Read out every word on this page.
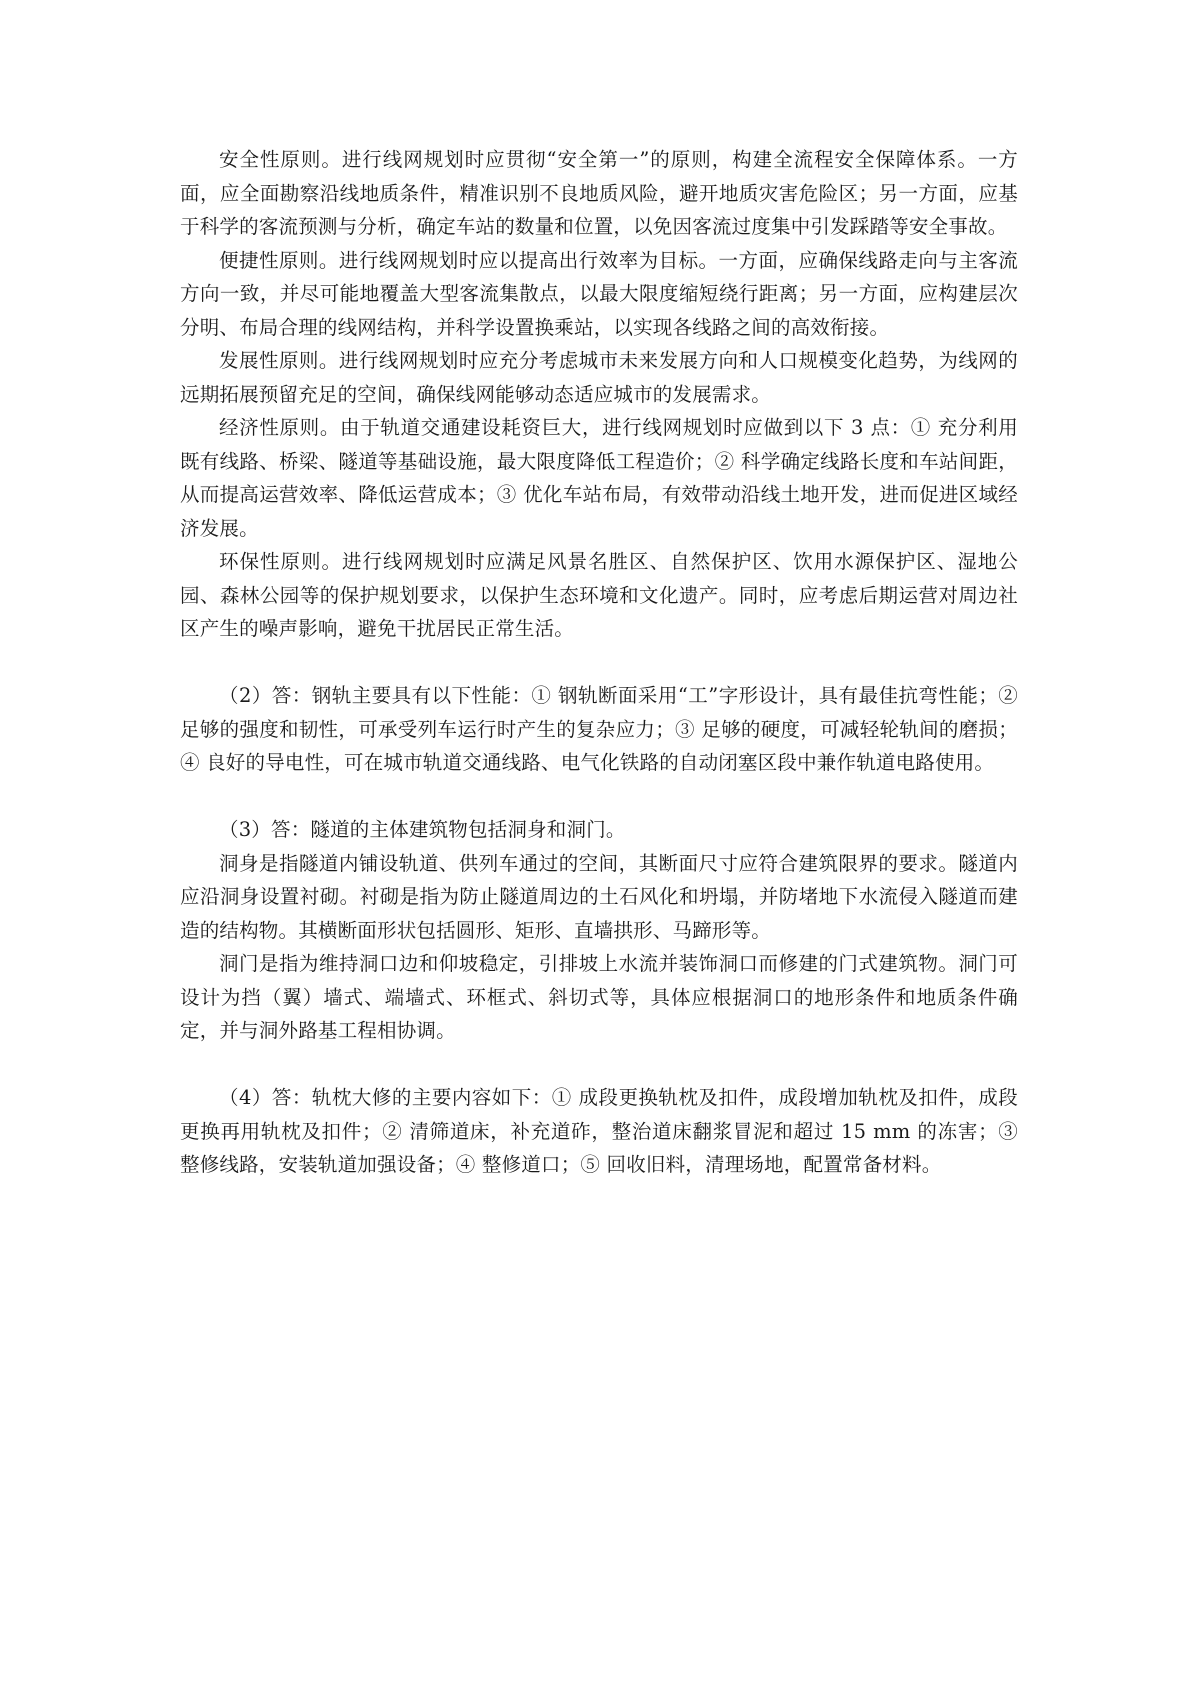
安全性原则。进行线网规划时应贯彻“安全第一”的原则，构建全流程安全保障体系。一方面，应全面勘察沿线地质条件，精准识别不良地质风险，避开地质灾害危险区；另一方面，应基于科学的客流预测与分析，确定车站的数量和位置，以免因客流过度集中引发踩踏等安全事故。

便捷性原则。进行线网规划时应以提高出行效率为目标。一方面，应确保线路走向与主客流方向一致，并尽可能地覆盖大型客流集散点，以最大限度缩短绕行距离；另一方面，应构建层次分明、布局合理的线网结构，并科学设置换乘站，以实现各线路之间的高效衔接。

发展性原则。进行线网规划时应充分考虑城市未来发展方向和人口规模变化趋势，为线网的远期拓展预留充足的空间，确保线网能够动态适应城市的发展需求。

经济性原则。由于轨道交通建设耗资巨大，进行线网规划时应做到以下 3 点：① 充分利用既有线路、桥梁、隧道等基础设施，最大限度降低工程造价；② 科学确定线路长度和车站间距，从而提高运营效率、降低运营成本；③ 优化车站布局，有效带动沿线土地开发，进而促进区域经济发展。

环保性原则。进行线网规划时应满足风景名胜区、自然保护区、饮用水源保护区、湿地公园、森林公园等的保护规划要求，以保护生态环境和文化遗产。同时，应考虑后期运营对周边社区产生的噪声影响，避免干扰居民正常生活。

（2）答：钢轨主要具有以下性能：① 钢轨断面采用“工”字形设计，具有最佳抗弯性能；② 足够的强度和韧性，可承受列车运行时产生的复杂应力；③ 足够的硬度，可减轻轮轨间的磨损；④ 良好的导电性，可在城市轨道交通线路、电气化铁路的自动闭塞区段中兼作轨道电路使用。

（3）答：隧道的主体建筑物包括洞身和洞门。

洞身是指隧道内铺设轨道、供列车通过的空间，其断面尺寸应符合建筑限界的要求。隧道内应沿洞身设置衬砌。衬砌是指为防止隧道周边的土石风化和坍塌，并防堵地下水流侵入隧道而建造的结构物。其横断面形状包括圆形、矩形、直墙拱形、马蹄形等。

洞门是指为维持洞口边和仰坡稳定，引排坡上水流并装饰洞口而修建的门式建筑物。洞门可设计为挡（翼）墙式、端墙式、环框式、斜切式等，具体应根据洞口的地形条件和地质条件确定，并与洞外路基工程相协调。

（4）答：轨枕大修的主要内容如下：① 成段更换轨枕及扣件，成段增加轨枕及扣件，成段更换再用轨枕及扣件；② 清筛道床，补充道砟，整治道床翻浆冒泥和超过 15 mm 的冻害；③ 整修线路，安装轨道加强设备；④ 整修道口；⑤ 回收旧料，清理场地，配置常备材料。
